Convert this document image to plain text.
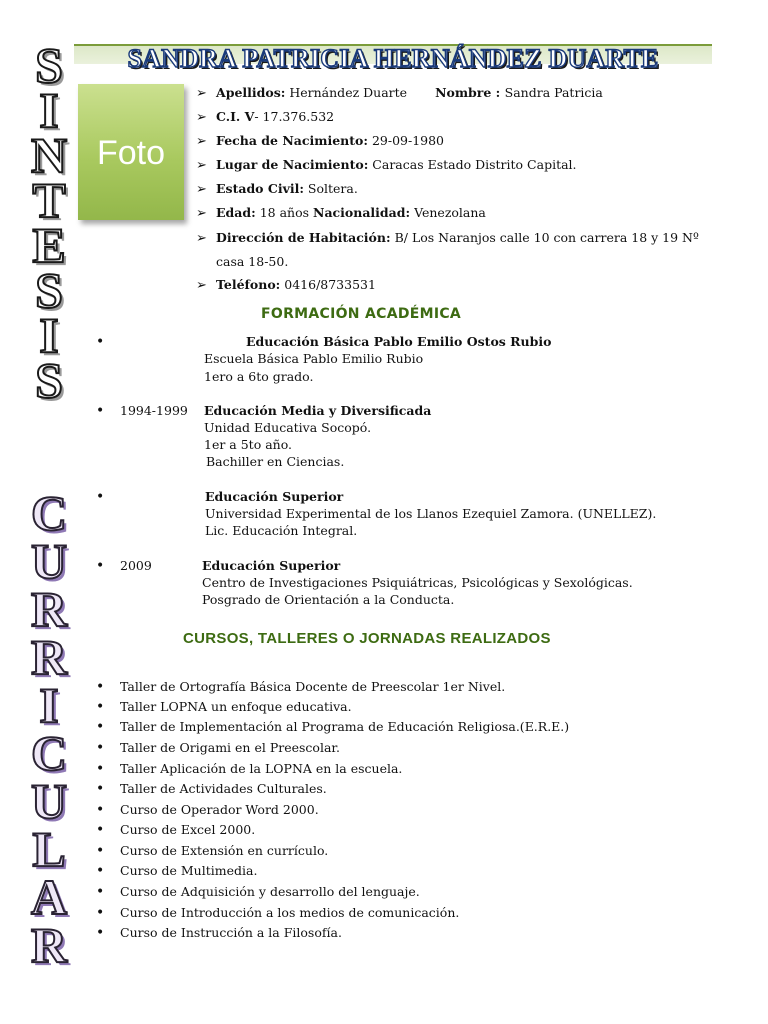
S
I
N
T
E
S
I
S
C
U
R
R
I
C
U
L
A
R
SANDRA PATRICIA HERNÁNDEZ DUARTE
Foto
➢ Apellidos: Hernández Duarte Nombre : Sandra Patricia
➢ C.I. V- 17.376.532
➢ Fecha de Nacimiento: 29-09-1980
➢ Lugar de Nacimiento: Caracas Estado Distrito Capital.
➢ Estado Civil: Soltera.
➢ Edad: 18 años Nacionalidad: Venezolana
➢ Dirección de Habitación: B/ Los Naranjos calle 10 con carrera 18 y 19 Nº
casa 18-50.
➢ Teléfono: 0416/8733531
FORMACIÓN ACADÉMICA
•	Educación Básica Pablo Emilio Ostos Rubio
Escuela Básica Pablo Emilio Rubio
1ero a 6to grado.
• 1994-1999 Educación Media y Diversificada
Unidad Educativa Socopó.
1er a 5to año.
Bachiller en Ciencias.
•	Educación Superior
Universidad Experimental de los Llanos Ezequiel Zamora. (UNELLEZ).
Lic. Educación Integral.
• 2009	Educación Superior
Centro de Investigaciones Psiquiátricas, Psicológicas y Sexológicas.
Posgrado de Orientación a la Conducta.
CURSOS, TALLERES O JORNADAS REALIZADOS
• Taller de Ortografía Básica Docente de Preescolar 1er Nivel.
• Taller LOPNA un enfoque educativa.
• Taller de Implementación al Programa de Educación Religiosa.(E.R.E.)
• Taller de Origami en el Preescolar.
• Taller Aplicación de la LOPNA en la escuela.
• Taller de Actividades Culturales.
• Curso de Operador Word 2000.
• Curso de Excel 2000.
• Curso de Extensión en currículo.
• Curso de Multimedia.
• Curso de Adquisición y desarrollo del lenguaje.
• Curso de Introducción a los medios de comunicación.
• Curso de Instrucción a la Filosofía.
